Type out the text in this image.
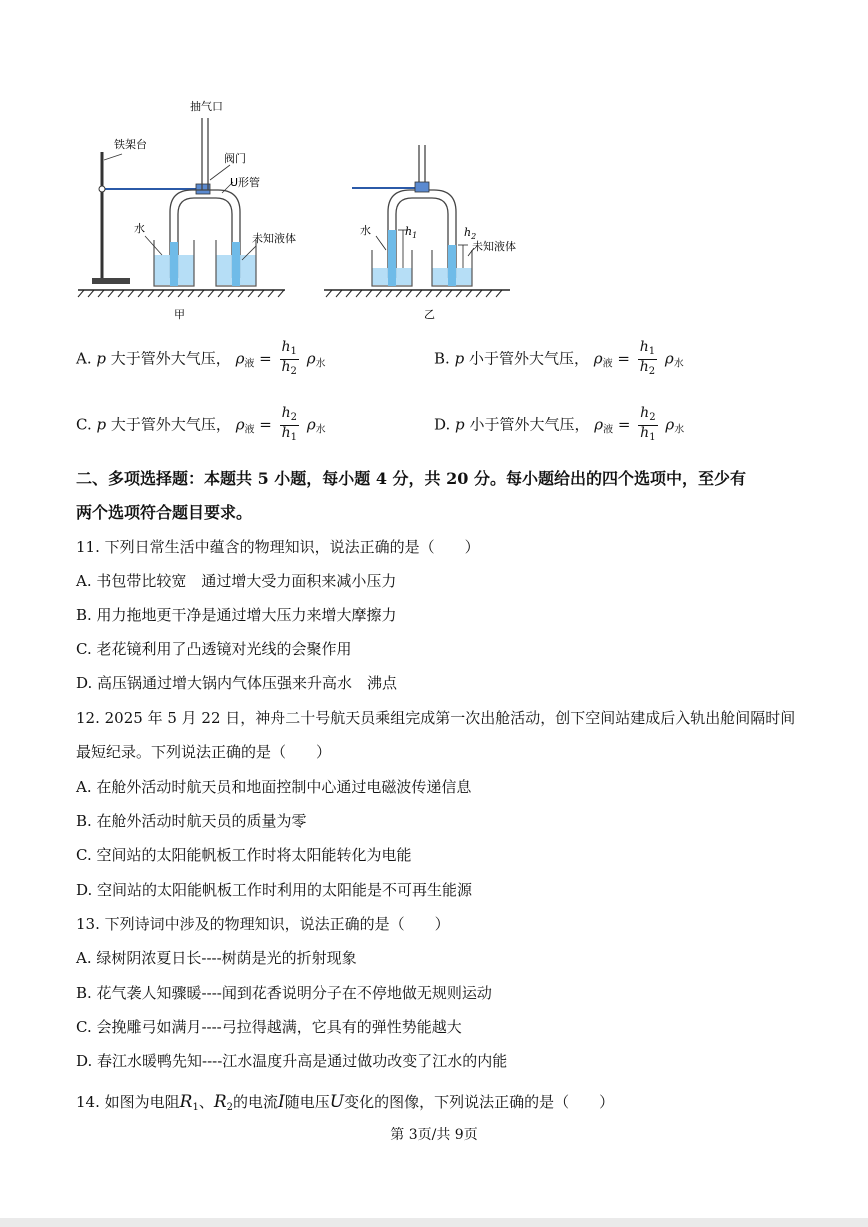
抽气口
铁架台
阀门
U形管
水
未知液体
水	$h_1$	$h_2$
未知液体
甲	乙
A. p 大于管外大气压， $\rho_液 = \frac{h_1}{h_2} \rho_水$	B. p 小于管外大气压， $\rho_液 = \frac{h_1}{h_2} \rho_水$
C. p 大于管外大气压， $\rho_液 = \frac{h_2}{h_1} \rho_水$	D. p 小于管外大气压， $\rho_液 = \frac{h_2}{h_1} \rho_水$
二、多项选择题：本题共 5 小题，每小题 4 分，共 20 分。每小题给出的四个选项中，至少有
两个选项符合题目要求。
11. 下列日常生活中蕴含的物理知识，说法正确的是（　　）
A. 书包带比较宽　通过增大受力面积来减小压力
B. 用力拖地更干净是通过增大压力来增大摩擦力
C. 老花镜利用了凸透镜对光线的会聚作用
D. 高压锅通过增大锅内气体压强来升高水　沸点
12. 2025 年 5 月 22 日，神舟二十号航天员乘组完成第一次出舱活动，创下空间站建成后入轨出舱间隔时间
最短纪录。下列说法正确的是（　　）
A. 在舱外活动时航天员和地面控制中心通过电磁波传递信息
B. 在舱外活动时航天员的质量为零
C. 空间站的太阳能帆板工作时将太阳能转化为电能
D. 空间站的太阳能帆板工作时利用的太阳能是不可再生能源
13. 下列诗词中涉及的物理知识，说法正确的是（　　）
A. 绿树阴浓夏日长----树荫是光的折射现象
B. 花气袭人知骤暖----闻到花香说明分子在不停地做无规则运动
C. 会挽雕弓如满月----弓拉得越满，它具有的弹性势能越大
D. 春江水暖鸭先知----江水温度升高是通过做功改变了江水的内能
14. 如图为电阻$R_1$、$R_2$的电流I随电压U变化的图像，下列说法正确的是（　　）
第 3页/共 9页
